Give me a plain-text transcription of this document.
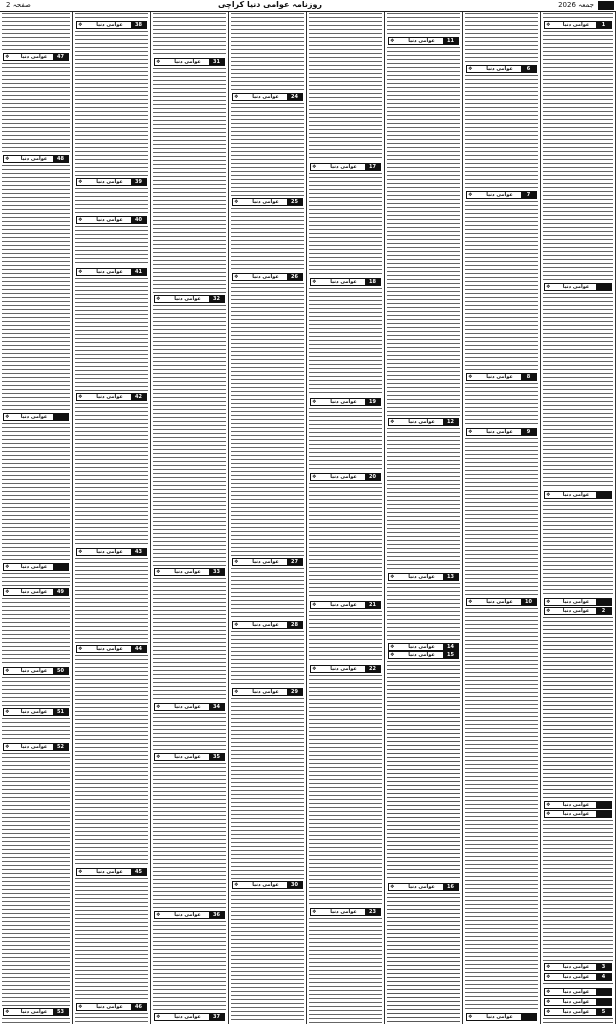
صفحہ 2	روزنامہ عوامی دنیا کراچی	جمعہ 2026
❖	عوامی دنیا	1
❖	عوامی دنیا
❖	عوامی دنیا
❖	عوامی دنیا
❖	عوامی دنیا	2
❖	عوامی دنیا
❖	عوامی دنیا
❖	عوامی دنیا	3
❖	عوامی دنیا	4
❖	عوامی دنیا
❖	عوامی دنیا
❖	عوامی دنیا	5
❖	عوامی دنیا	6
❖	عوامی دنیا	7
❖	عوامی دنیا	8
❖	عوامی دنیا	9
❖	عوامی دنیا	10
❖	عوامی دنیا
❖	عوامی دنیا	11
❖	عوامی دنیا	12
❖	عوامی دنیا	13
❖	عوامی دنیا	14
❖	عوامی دنیا	15
❖	عوامی دنیا	16
❖	عوامی دنیا	17
❖	عوامی دنیا	18
❖	عوامی دنیا	19
❖	عوامی دنیا	20
❖	عوامی دنیا	21
❖	عوامی دنیا	22
❖	عوامی دنیا	23
❖	عوامی دنیا	24
❖	عوامی دنیا	25
❖	عوامی دنیا	26
❖	عوامی دنیا	27
❖	عوامی دنیا	28
❖	عوامی دنیا	29
❖	عوامی دنیا	30
❖	عوامی دنیا	31
❖	عوامی دنیا	32
❖	عوامی دنیا	33
❖	عوامی دنیا	34
❖	عوامی دنیا	35
❖	عوامی دنیا	36
❖	عوامی دنیا	37
❖	عوامی دنیا	38
❖	عوامی دنیا	39
❖	عوامی دنیا	40
❖	عوامی دنیا	41
❖	عوامی دنیا	42
❖	عوامی دنیا	43
❖	عوامی دنیا	44
❖	عوامی دنیا	45
❖	عوامی دنیا	46
❖	عوامی دنیا	47
❖	عوامی دنیا	48
❖	عوامی دنیا
❖	عوامی دنیا
❖	عوامی دنیا	49
❖	عوامی دنیا	50
❖	عوامی دنیا	51
❖	عوامی دنیا	52
❖	عوامی دنیا	53
